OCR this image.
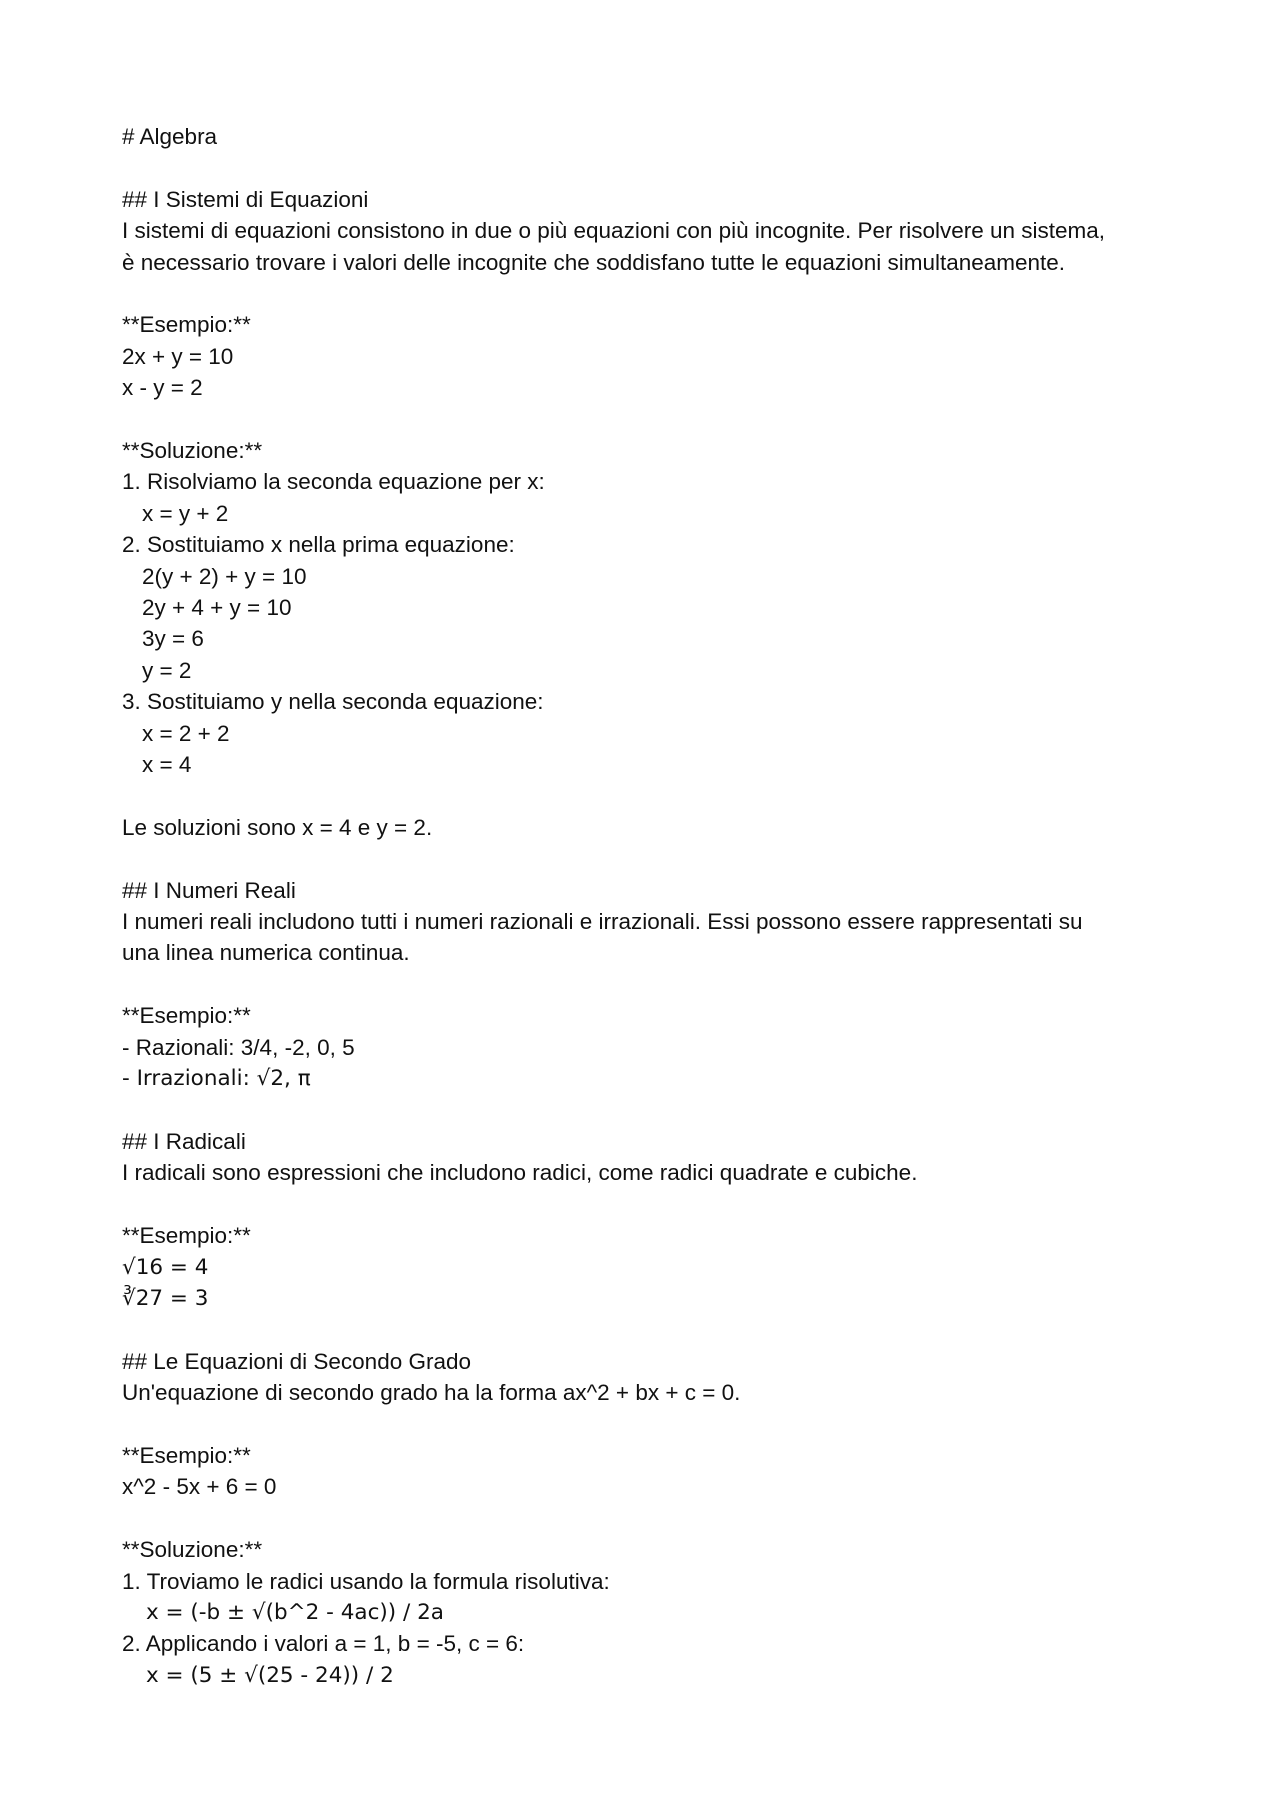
# Algebra
## I Sistemi di Equazioni
I sistemi di equazioni consistono in due o più equazioni con più incognite. Per risolvere un sistema,
è necessario trovare i valori delle incognite che soddisfano tutte le equazioni simultaneamente.
**Esempio:**
2x + y = 10
x - y = 2
**Soluzione:**
1. Risolviamo la seconda equazione per x:
x = y + 2
2. Sostituiamo x nella prima equazione:
2(y + 2) + y = 10
2y + 4 + y = 10
3y = 6
y = 2
3. Sostituiamo y nella seconda equazione:
x = 2 + 2
x = 4
Le soluzioni sono x = 4 e y = 2.
## I Numeri Reali
I numeri reali includono tutti i numeri razionali e irrazionali. Essi possono essere rappresentati su
una linea numerica continua.
**Esempio:**
- Razionali: 3/4, -2, 0, 5
- Irrazionali: √2, π
## I Radicali
I radicali sono espressioni che includono radici, come radici quadrate e cubiche.
**Esempio:**
√16 = 4
∛27 = 3
## Le Equazioni di Secondo Grado
Un'equazione di secondo grado ha la forma ax^2 + bx + c = 0.
**Esempio:**
x^2 - 5x + 6 = 0
**Soluzione:**
1. Troviamo le radici usando la formula risolutiva:
x = (-b ± √(b^2 - 4ac)) / 2a
2. Applicando i valori a = 1, b = -5, c = 6:
x = (5 ± √(25 - 24)) / 2
